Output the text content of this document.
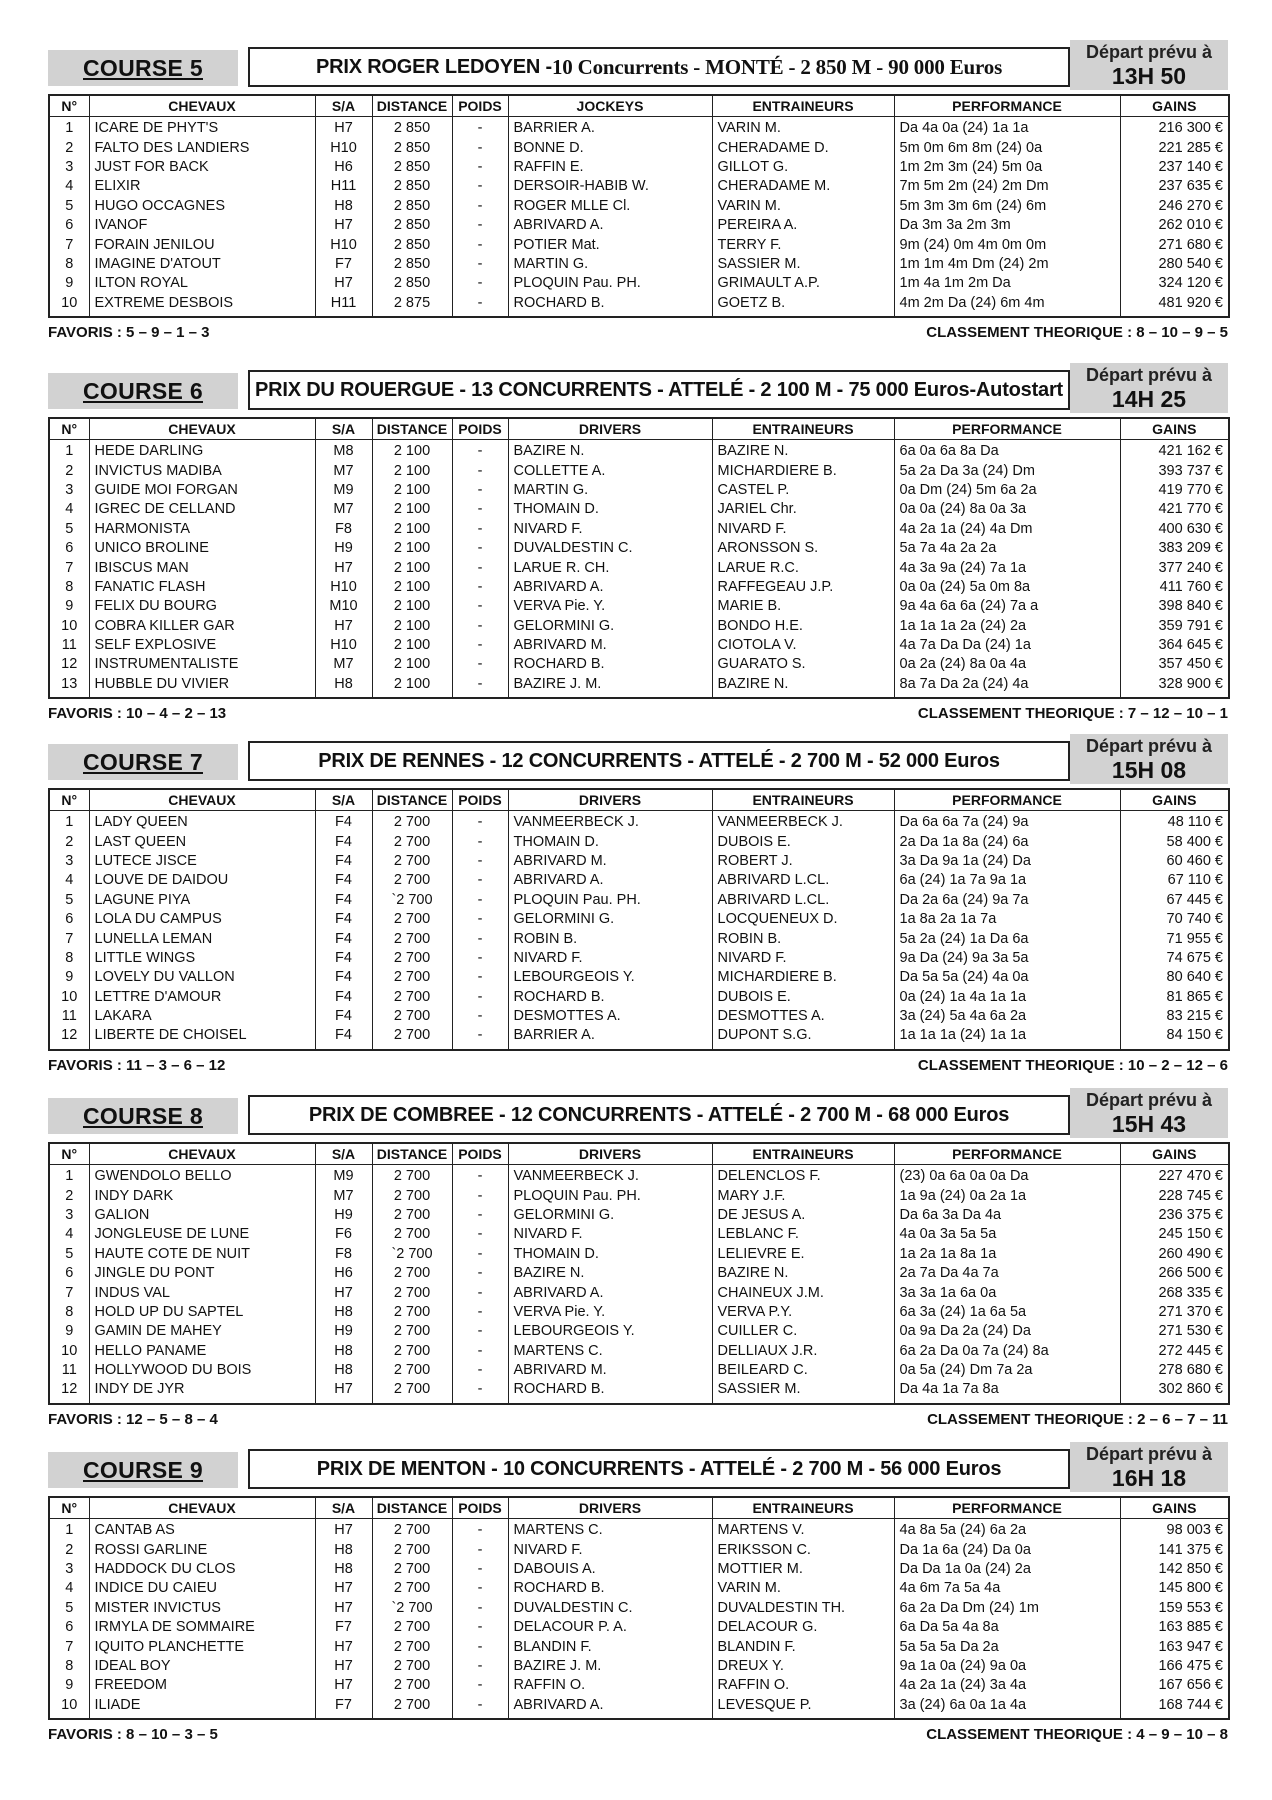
COURSE 5	PRIX ROGER LEDOYEN - 10 Concurrents - MONTÉ - 2 850 M - 90 000 Euros
Départ prévu à
13H 50
N°	CHEVAUX	S/A	DISTANCE	POIDS	JOCKEYS	ENTRAINEURS	PERFORMANCE	GAINS
1	ICARE DE PHYT'S	H7	2 850	-	BARRIER A.	VARIN M.	Da 4a 0a (24) 1a 1a	216 300 €
2	FALTO DES LANDIERS	H10	2 850	-	BONNE D.	CHERADAME D.	5m 0m 6m 8m (24) 0a	221 285 €
3	JUST FOR BACK	H6	2 850	-	RAFFIN E.	GILLOT G.	1m 2m 3m (24) 5m 0a	237 140 €
4	ELIXIR	H11	2 850	-	DERSOIR-HABIB W.	CHERADAME M.	7m 5m 2m (24) 2m Dm	237 635 €
5	HUGO OCCAGNES	H8	2 850	-	ROGER MLLE Cl.	VARIN M.	5m 3m 3m 6m (24) 6m	246 270 €
6	IVANOF	H7	2 850	-	ABRIVARD A.	PEREIRA A.	Da 3m 3a 2m 3m	262 010 €
7	FORAIN JENILOU	H10	2 850	-	POTIER Mat.	TERRY F.	9m (24) 0m 4m 0m 0m	271 680 €
8	IMAGINE D'ATOUT	F7	2 850	-	MARTIN G.	SASSIER M.	1m 1m 4m Dm (24) 2m	280 540 €
9	ILTON ROYAL	H7	2 850	-	PLOQUIN Pau. PH.	GRIMAULT A.P.	1m 4a 1m 2m Da	324 120 €
10	EXTREME DESBOIS	H11	2 875	-	ROCHARD B.	GOETZ B.	4m 2m Da (24) 6m 4m	481 920 €
FAVORIS : 5 – 9 – 1 – 3	CLASSEMENT THEORIQUE : 8 – 10 – 9 – 5
COURSE 6	PRIX DU ROUERGUE - 13 CONCURRENTS - ATTELÉ - 2 100 M - 75 000 Euros-Autostart
Départ prévu à
14H 25
N°	CHEVAUX	S/A	DISTANCE	POIDS	DRIVERS	ENTRAINEURS	PERFORMANCE	GAINS
1	HEDE DARLING	M8	2 100	-	BAZIRE N.	BAZIRE N.	6a 0a 6a 8a Da	421 162 €
2	INVICTUS MADIBA	M7	2 100	-	COLLETTE A.	MICHARDIERE B.	5a 2a Da 3a (24) Dm	393 737 €
3	GUIDE MOI FORGAN	M9	2 100	-	MARTIN G.	CASTEL P.	0a Dm (24) 5m 6a 2a	419 770 €
4	IGREC DE CELLAND	M7	2 100	-	THOMAIN D.	JARIEL Chr.	0a 0a (24) 8a 0a 3a	421 770 €
5	HARMONISTA	F8	2 100	-	NIVARD F.	NIVARD F.	4a 2a 1a (24) 4a Dm	400 630 €
6	UNICO BROLINE	H9	2 100	-	DUVALDESTIN C.	ARONSSON S.	5a 7a 4a 2a 2a	383 209 €
7	IBISCUS MAN	H7	2 100	-	LARUE R. CH.	LARUE R.C.	4a 3a 9a (24) 7a 1a	377 240 €
8	FANATIC FLASH	H10	2 100	-	ABRIVARD A.	RAFFEGEAU J.P.	0a 0a (24) 5a 0m 8a	411 760 €
9	FELIX DU BOURG	M10	2 100	-	VERVA Pie. Y.	MARIE B.	9a 4a 6a 6a (24) 7a a	398 840 €
10	COBRA KILLER GAR	H7	2 100	-	GELORMINI G.	BONDO H.E.	1a 1a 1a 2a (24) 2a	359 791 €
11	SELF EXPLOSIVE	H10	2 100	-	ABRIVARD M.	CIOTOLA V.	4a 7a Da Da (24) 1a	364 645 €
12	INSTRUMENTALISTE	M7	2 100	-	ROCHARD B.	GUARATO S.	0a 2a (24) 8a 0a 4a	357 450 €
13	HUBBLE DU VIVIER	H8	2 100	-	BAZIRE J. M.	BAZIRE N.	8a 7a Da 2a (24) 4a	328 900 €
FAVORIS : 10 – 4 – 2 – 13	CLASSEMENT THEORIQUE : 7 – 12 – 10 – 1
COURSE 7	PRIX DE RENNES - 12 CONCURRENTS - ATTELÉ - 2 700 M - 52 000 Euros
Départ prévu à
15H 08
N°	CHEVAUX	S/A	DISTANCE	POIDS	DRIVERS	ENTRAINEURS	PERFORMANCE	GAINS
1	LADY QUEEN	F4	2 700	-	VANMEERBECK J.	VANMEERBECK J.	Da 6a 6a 7a (24) 9a	48 110 €
2	LAST QUEEN	F4	2 700	-	THOMAIN D.	DUBOIS E.	2a Da 1a 8a (24) 6a	58 400 €
3	LUTECE JISCE	F4	2 700	-	ABRIVARD M.	ROBERT J.	3a Da 9a 1a (24) Da	60 460 €
4	LOUVE DE DAIDOU	F4	2 700	-	ABRIVARD A.	ABRIVARD L.CL.	6a (24) 1a 7a 9a 1a	67 110 €
5	LAGUNE PIYA	F4	`2 700	-	PLOQUIN Pau. PH.	ABRIVARD L.CL.	Da 2a 6a (24) 9a 7a	67 445 €
6	LOLA DU CAMPUS	F4	2 700	-	GELORMINI G.	LOCQUENEUX D.	1a 8a 2a 1a 7a	70 740 €
7	LUNELLA LEMAN	F4	2 700	-	ROBIN B.	ROBIN B.	5a 2a (24) 1a Da 6a	71 955 €
8	LITTLE WINGS	F4	2 700	-	NIVARD F.	NIVARD F.	9a Da (24) 9a 3a 5a	74 675 €
9	LOVELY DU VALLON	F4	2 700	-	LEBOURGEOIS Y.	MICHARDIERE B.	Da 5a 5a (24) 4a 0a	80 640 €
10	LETTRE D'AMOUR	F4	2 700	-	ROCHARD B.	DUBOIS E.	0a (24) 1a 4a 1a 1a	81 865 €
11	LAKARA	F4	2 700	-	DESMOTTES A.	DESMOTTES A.	3a (24) 5a 4a 6a 2a	83 215 €
12	LIBERTE DE CHOISEL	F4	2 700	-	BARRIER A.	DUPONT S.G.	1a 1a 1a (24) 1a 1a	84 150 €
FAVORIS : 11 – 3 – 6 – 12	CLASSEMENT THEORIQUE : 10 – 2 – 12 – 6
COURSE 8	PRIX DE COMBREE - 12 CONCURRENTS - ATTELÉ - 2 700 M - 68 000 Euros
Départ prévu à
15H 43
N°	CHEVAUX	S/A	DISTANCE	POIDS	DRIVERS	ENTRAINEURS	PERFORMANCE	GAINS
1	GWENDOLO BELLO	M9	2 700	-	VANMEERBECK J.	DELENCLOS F.	(23) 0a 6a 0a 0a Da	227 470 €
2	INDY DARK	M7	2 700	-	PLOQUIN Pau. PH.	MARY J.F.	1a 9a (24) 0a 2a 1a	228 745 €
3	GALION	H9	2 700	-	GELORMINI G.	DE JESUS A.	Da 6a 3a Da 4a	236 375 €
4	JONGLEUSE DE LUNE	F6	2 700	-	NIVARD F.	LEBLANC F.	4a 0a 3a 5a 5a	245 150 €
5	HAUTE COTE DE NUIT	F8	`2 700	-	THOMAIN D.	LELIEVRE E.	1a 2a 1a 8a 1a	260 490 €
6	JINGLE DU PONT	H6	2 700	-	BAZIRE N.	BAZIRE N.	2a 7a Da 4a 7a	266 500 €
7	INDUS VAL	H7	2 700	-	ABRIVARD A.	CHAINEUX J.M.	3a 3a 1a 6a 0a	268 335 €
8	HOLD UP DU SAPTEL	H8	2 700	-	VERVA Pie. Y.	VERVA P.Y.	6a 3a (24) 1a 6a 5a	271 370 €
9	GAMIN DE MAHEY	H9	2 700	-	LEBOURGEOIS Y.	CUILLER C.	0a 9a Da 2a (24) Da	271 530 €
10	HELLO PANAME	H8	2 700	-	MARTENS C.	DELLIAUX J.R.	6a 2a Da 0a 7a (24) 8a	272 445 €
11	HOLLYWOOD DU BOIS	H8	2 700	-	ABRIVARD M.	BEILEARD C.	0a 5a (24) Dm 7a 2a	278 680 €
12	INDY DE JYR	H7	2 700	-	ROCHARD B.	SASSIER M.	Da 4a 1a 7a 8a	302 860 €
FAVORIS : 12 – 5 – 8 – 4	CLASSEMENT THEORIQUE : 2 – 6 – 7 – 11
COURSE 9	PRIX DE MENTON - 10 CONCURRENTS - ATTELÉ - 2 700 M - 56 000 Euros
Départ prévu à
16H 18
N°	CHEVAUX	S/A	DISTANCE	POIDS	DRIVERS	ENTRAINEURS	PERFORMANCE	GAINS
1	CANTAB AS	H7	2 700	-	MARTENS C.	MARTENS V.	4a 8a 5a (24) 6a 2a	98 003 €
2	ROSSI GARLINE	H8	2 700	-	NIVARD F.	ERIKSSON C.	Da 1a 6a (24) Da 0a	141 375 €
3	HADDOCK DU CLOS	H8	2 700	-	DABOUIS A.	MOTTIER M.	Da Da 1a 0a (24) 2a	142 850 €
4	INDICE DU CAIEU	H7	2 700	-	ROCHARD B.	VARIN M.	4a 6m 7a 5a 4a	145 800 €
5	MISTER INVICTUS	H7	`2 700	-	DUVALDESTIN C.	DUVALDESTIN TH.	6a 2a Da Dm (24) 1m	159 553 €
6	IRMYLA DE SOMMAIRE	F7	2 700	-	DELACOUR P. A.	DELACOUR G.	6a Da 5a 4a 8a	163 885 €
7	IQUITO PLANCHETTE	H7	2 700	-	BLANDIN F.	BLANDIN F.	5a 5a 5a Da 2a	163 947 €
8	IDEAL BOY	H7	2 700	-	BAZIRE J. M.	DREUX Y.	9a 1a 0a (24) 9a 0a	166 475 €
9	FREEDOM	H7	2 700	-	RAFFIN O.	RAFFIN O.	4a 2a 1a (24) 3a 4a	167 656 €
10	ILIADE	F7	2 700	-	ABRIVARD A.	LEVESQUE P.	3a (24) 6a 0a 1a 4a	168 744 €
FAVORIS : 8 – 10 – 3 – 5	CLASSEMENT THEORIQUE : 4 – 9 – 10 – 8
